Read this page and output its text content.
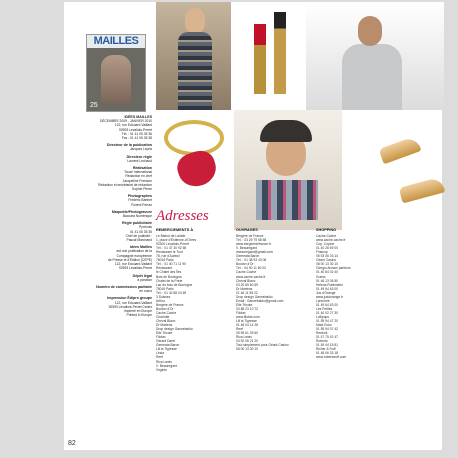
MAILLES
25
IDÉES MAILLES
DÉCEMBRE 2009 - JANVIER 2010
122, rue Edouard-Vaillant
92593 Levallois-Perret
Tél. : 01 41 05 35 36
Fax : 01 41 05 35 38
Directeur de la publication
Jacques Lepris
Directeur régie
Laurent Lechaud
Réalisation
Touze International
Rédaction en chef
Jacqueline Fression
Rédaction et secrétariat de rédaction
Sophie Pierre
Photographes
Frédéric Barthet
Florent Perraz
Maquette/Photogravure
Baccara Numérique
Régie publicitaire
Pyrrhosk
01 41 05 35 35
Chef de publicité :
Pascal Marchand
Idées Mailles
est une publication de la
Compagnie européenne
de Presse et d'Édition (CEPE)
122, rue Edouard-Vaillant
92593 Levallois-Perret
Dépôt légal
à parution
Numéro de commission paritaire
en cours
Impression Édipro groupe
122, rue Edouard-Vaillant
92593 Levallois-Perret Cedex
Imprimé en Europe
Printed in Europe
Adresses
REMERCIEMENTS À
Le Bistrot de Lalotte
1, place d'Estienne-d'Orves
92300 Levallois-Perret
Tél. : 01 47 30 92 65
Restaurant le Tout
78, rue d'Auteuil
75016 Paris
Tél. : 01 40 71 11 90
Restaurant
le Chalet des Îles
Bois de Boulogne
Chalet de la Porte
Lac du bois de Boulogne
75016 Paris
Tél. : 01 42 88 04 69
3 Suisses
Arthur
Bergère de France
Bouton d'Or
Cache-Cache
Charlotte
Cheval Blanc
Dr Martens
Drop design Gannebaldo
Elle Tricote
Filofax
Gérard Darel
Gemeata Baron
Lili la Tigresse
Linda
Reef
Rica Lewis
V. Beauregard
Virginie
OUVRAGES
Bergère de France
Tél. : 03 29 79 58 68
www.bergeredefrance.fr
V. Beauregard
vbeauregard@gmail.com
Gemeata Baron
Tél. : 01 48 93 43 06
Bouton d'Or
Tél. : 04 90 11 60 02
Cache-Cache
www.cache-cache.fr
Cheval Blanc
03 20 69 60 59
Dr Martens
01 46 11 55 22
Drop design Gannebaldo
Email : Gannebaldo@gmail.com
Elle Tricote
03 88 23 10 72
Filofax
www.filofax.com
Lili la Tigresse
01 48 04 14 28
Reef
05 59 61 39 60
Rica Lewis
04 92 06 21 20
Tout simplement pour Géant Casino
08 00 13 30 10
SHOPPING
Cache-Cache
www.cache-cache.fr
Cop. Copine
01 40 28 69 00
Firstcop
05 53 06 03 14
Géant Casino
08 00 13 30 10
Giorgio Armani parfums
01 40 84 02 40
Guess
01 46 13 05 50
Helena Rubinstein
01 49 64 63 00
Jus d'Orange
www.jusdorange.fr
Lancôme
01 49 64 63 00
Les Petites
01 40 02 27 30
Lollipops
01 55 94 47 20
Mark Ecko
01 55 94 07 42
Reebok
01 47 75 42 47
Roberto
01 49 44 18 81
Richer & Ruff
01 48 06 33 18
www.robertoruff.com
82
